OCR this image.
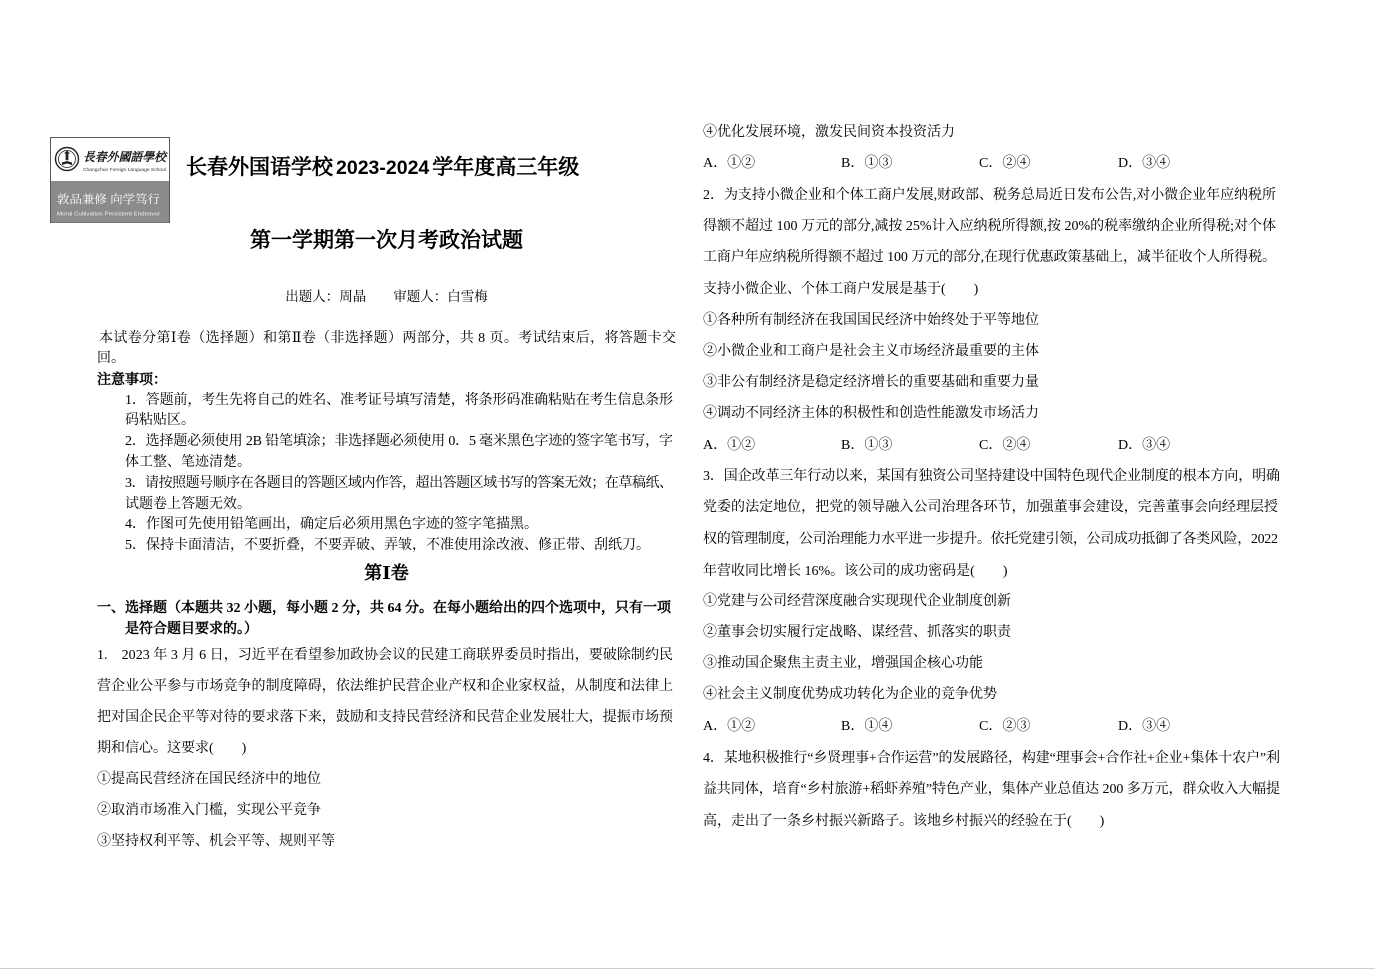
長春外國語學校
Changchun Foreign Language School
敦品兼修 向学笃行
Moral Cultivation Persistent Endeavor
长春外国语学校 2023-2024 学年度高三年级
第一学期第一次月考政治试题
出题人：周晶　　审题人：白雪梅
本试卷分第Ⅰ卷（选择题）和第Ⅱ卷（非选择题）两部分，共 8 页。考试结束后，将答题卡交
回。
注意事项：
1．答题前，考生先将自己的姓名、准考证号填写清楚，将条形码准确粘贴在考生信息条形
码粘贴区。
2．选择题必须使用 2B 铅笔填涂；非选择题必须使用 0．5 毫米黑色字迹的签字笔书写，字
体工整、笔迹清楚。
3．请按照题号顺序在各题目的答题区域内作答，超出答题区域书写的答案无效；在草稿纸、
试题卷上答题无效。
4．作图可先使用铅笔画出，确定后必须用黑色字迹的签字笔描黑。
5．保持卡面清洁，不要折叠，不要弄破、弄皱，不准使用涂改液、修正带、刮纸刀。
第Ⅰ卷
一、选择题（本题共 32 小题，每小题 2 分，共 64 分。在每小题给出的四个选项中，只有一项
是符合题目要求的。）
1.　2023 年 3 月 6 日，习近平在看望参加政协会议的民建工商联界委员时指出，要破除制约民
营企业公平参与市场竞争的制度障碍，依法维护民营企业产权和企业家权益，从制度和法律上
把对国企民企平等对待的要求落下来，鼓励和支持民营经济和民营企业发展壮大，提振市场预
期和信心。这要求(　　)
①提高民营经济在国民经济中的地位
②取消市场准入门槛，实现公平竞争
③坚持权利平等、机会平等、规则平等
④优化发展环境，激发民间资本投资活力
A．①②	B．①③	C．②④	D．③④
2．为支持小微企业和个体工商户发展,财政部、税务总局近日发布公告,对小微企业年应纳税所
得额不超过 100 万元的部分,减按 25%计入应纳税所得额,按 20%的税率缴纳企业所得税;对个体
工商户年应纳税所得额不超过 100 万元的部分,在现行优惠政策基础上，减半征收个人所得税。
支持小微企业、个体工商户发展是基于(　　)
①各种所有制经济在我国国民经济中始终处于平等地位
②小微企业和工商户是社会主义市场经济最重要的主体
③非公有制经济是稳定经济增长的重要基础和重要力量
④调动不同经济主体的积极性和创造性能激发市场活力
A．①②	B．①③	C．②④	D．③④
3．国企改革三年行动以来，某国有独资公司坚持建设中国特色现代企业制度的根本方向，明确
党委的法定地位，把党的领导融入公司治理各环节，加强董事会建设，完善董事会向经理层授
权的管理制度，公司治理能力水平进一步提升。依托党建引领，公司成功抵御了各类风险，2022
年营收同比增长 16%。该公司的成功密码是(　　)
①党建与公司经营深度融合实现现代企业制度创新
②董事会切实履行定战略、谋经营、抓落实的职责
③推动国企聚焦主责主业，增强国企核心功能
④社会主义制度优势成功转化为企业的竞争优势
A．①②	B．①④	C．②③	D．③④
4．某地积极推行“乡贤理事+合作运营”的发展路径，构建“理事会+合作社+企业+集体十农户”利
益共同体，培育“乡村旅游+稻虾养殖”特色产业，集体产业总值达 200 多万元，群众收入大幅提
高，走出了一条乡村振兴新路子。该地乡村振兴的经验在于(　　)
